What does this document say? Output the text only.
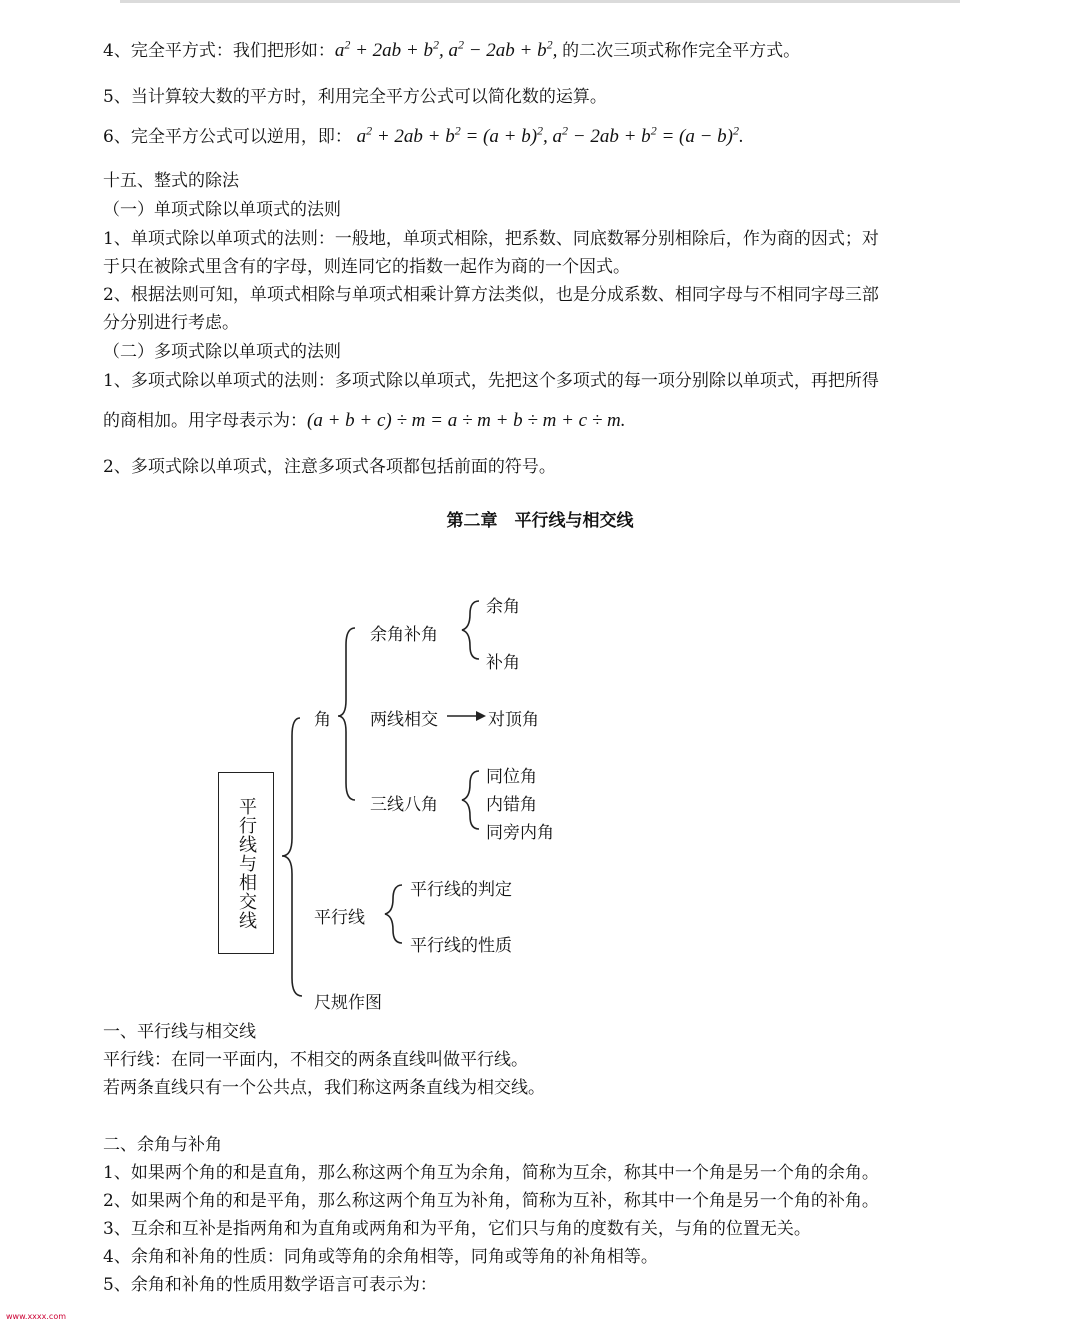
4、完全平方式：我们把形如：$a^2 + 2ab + b^2$, $a^2 - 2ab + b^2$, 的二次三项式称作完全平方式。
5、当计算较大数的平方时，利用完全平方公式可以简化数的运算。
6、完全平方公式可以逆用，即： $a^2 + 2ab + b^2 = (a + b)^2$, $a^2 - 2ab + b^2 = (a - b)^2$.
十五、整式的除法
（一）单项式除以单项式的法则
1、单项式除以单项式的法则：一般地，单项式相除，把系数、同底数幂分别相除后，作为商的因式；对
于只在被除式里含有的字母，则连同它的指数一起作为商的一个因式。
2、根据法则可知，单项式相除与单项式相乘计算方法类似，也是分成系数、相同字母与不相同字母三部
分分别进行考虑。
（二）多项式除以单项式的法则
1、多项式除以单项式的法则：多项式除以单项式，先把这个多项式的每一项分别除以单项式，再把所得
的商相加。用字母表示为：(a + b + c) ÷ m = a ÷ m + b ÷ m + c ÷ m.
2、多项式除以单项式，注意多项式各项都包括前面的符号。
第二章　平行线与相交线
平行线与相交线
角
余角补角
余角
补角
两线相交	对顶角
三线八角
同位角
内错角
同旁内角
平行线
平行线的判定
平行线的性质
尺规作图
一、平行线与相交线
平行线：在同一平面内，不相交的两条直线叫做平行线。
若两条直线只有一个公共点，我们称这两条直线为相交线。
二、余角与补角
1、如果两个角的和是直角，那么称这两个角互为余角，简称为互余，称其中一个角是另一个角的余角。
2、如果两个角的和是平角，那么称这两个角互为补角，简称为互补，称其中一个角是另一个角的补角。
3、互余和互补是指两角和为直角或两角和为平角，它们只与角的度数有关，与角的位置无关。
4、余角和补角的性质：同角或等角的余角相等，同角或等角的补角相等。
5、余角和补角的性质用数学语言可表示为：
www.xxxx.com
